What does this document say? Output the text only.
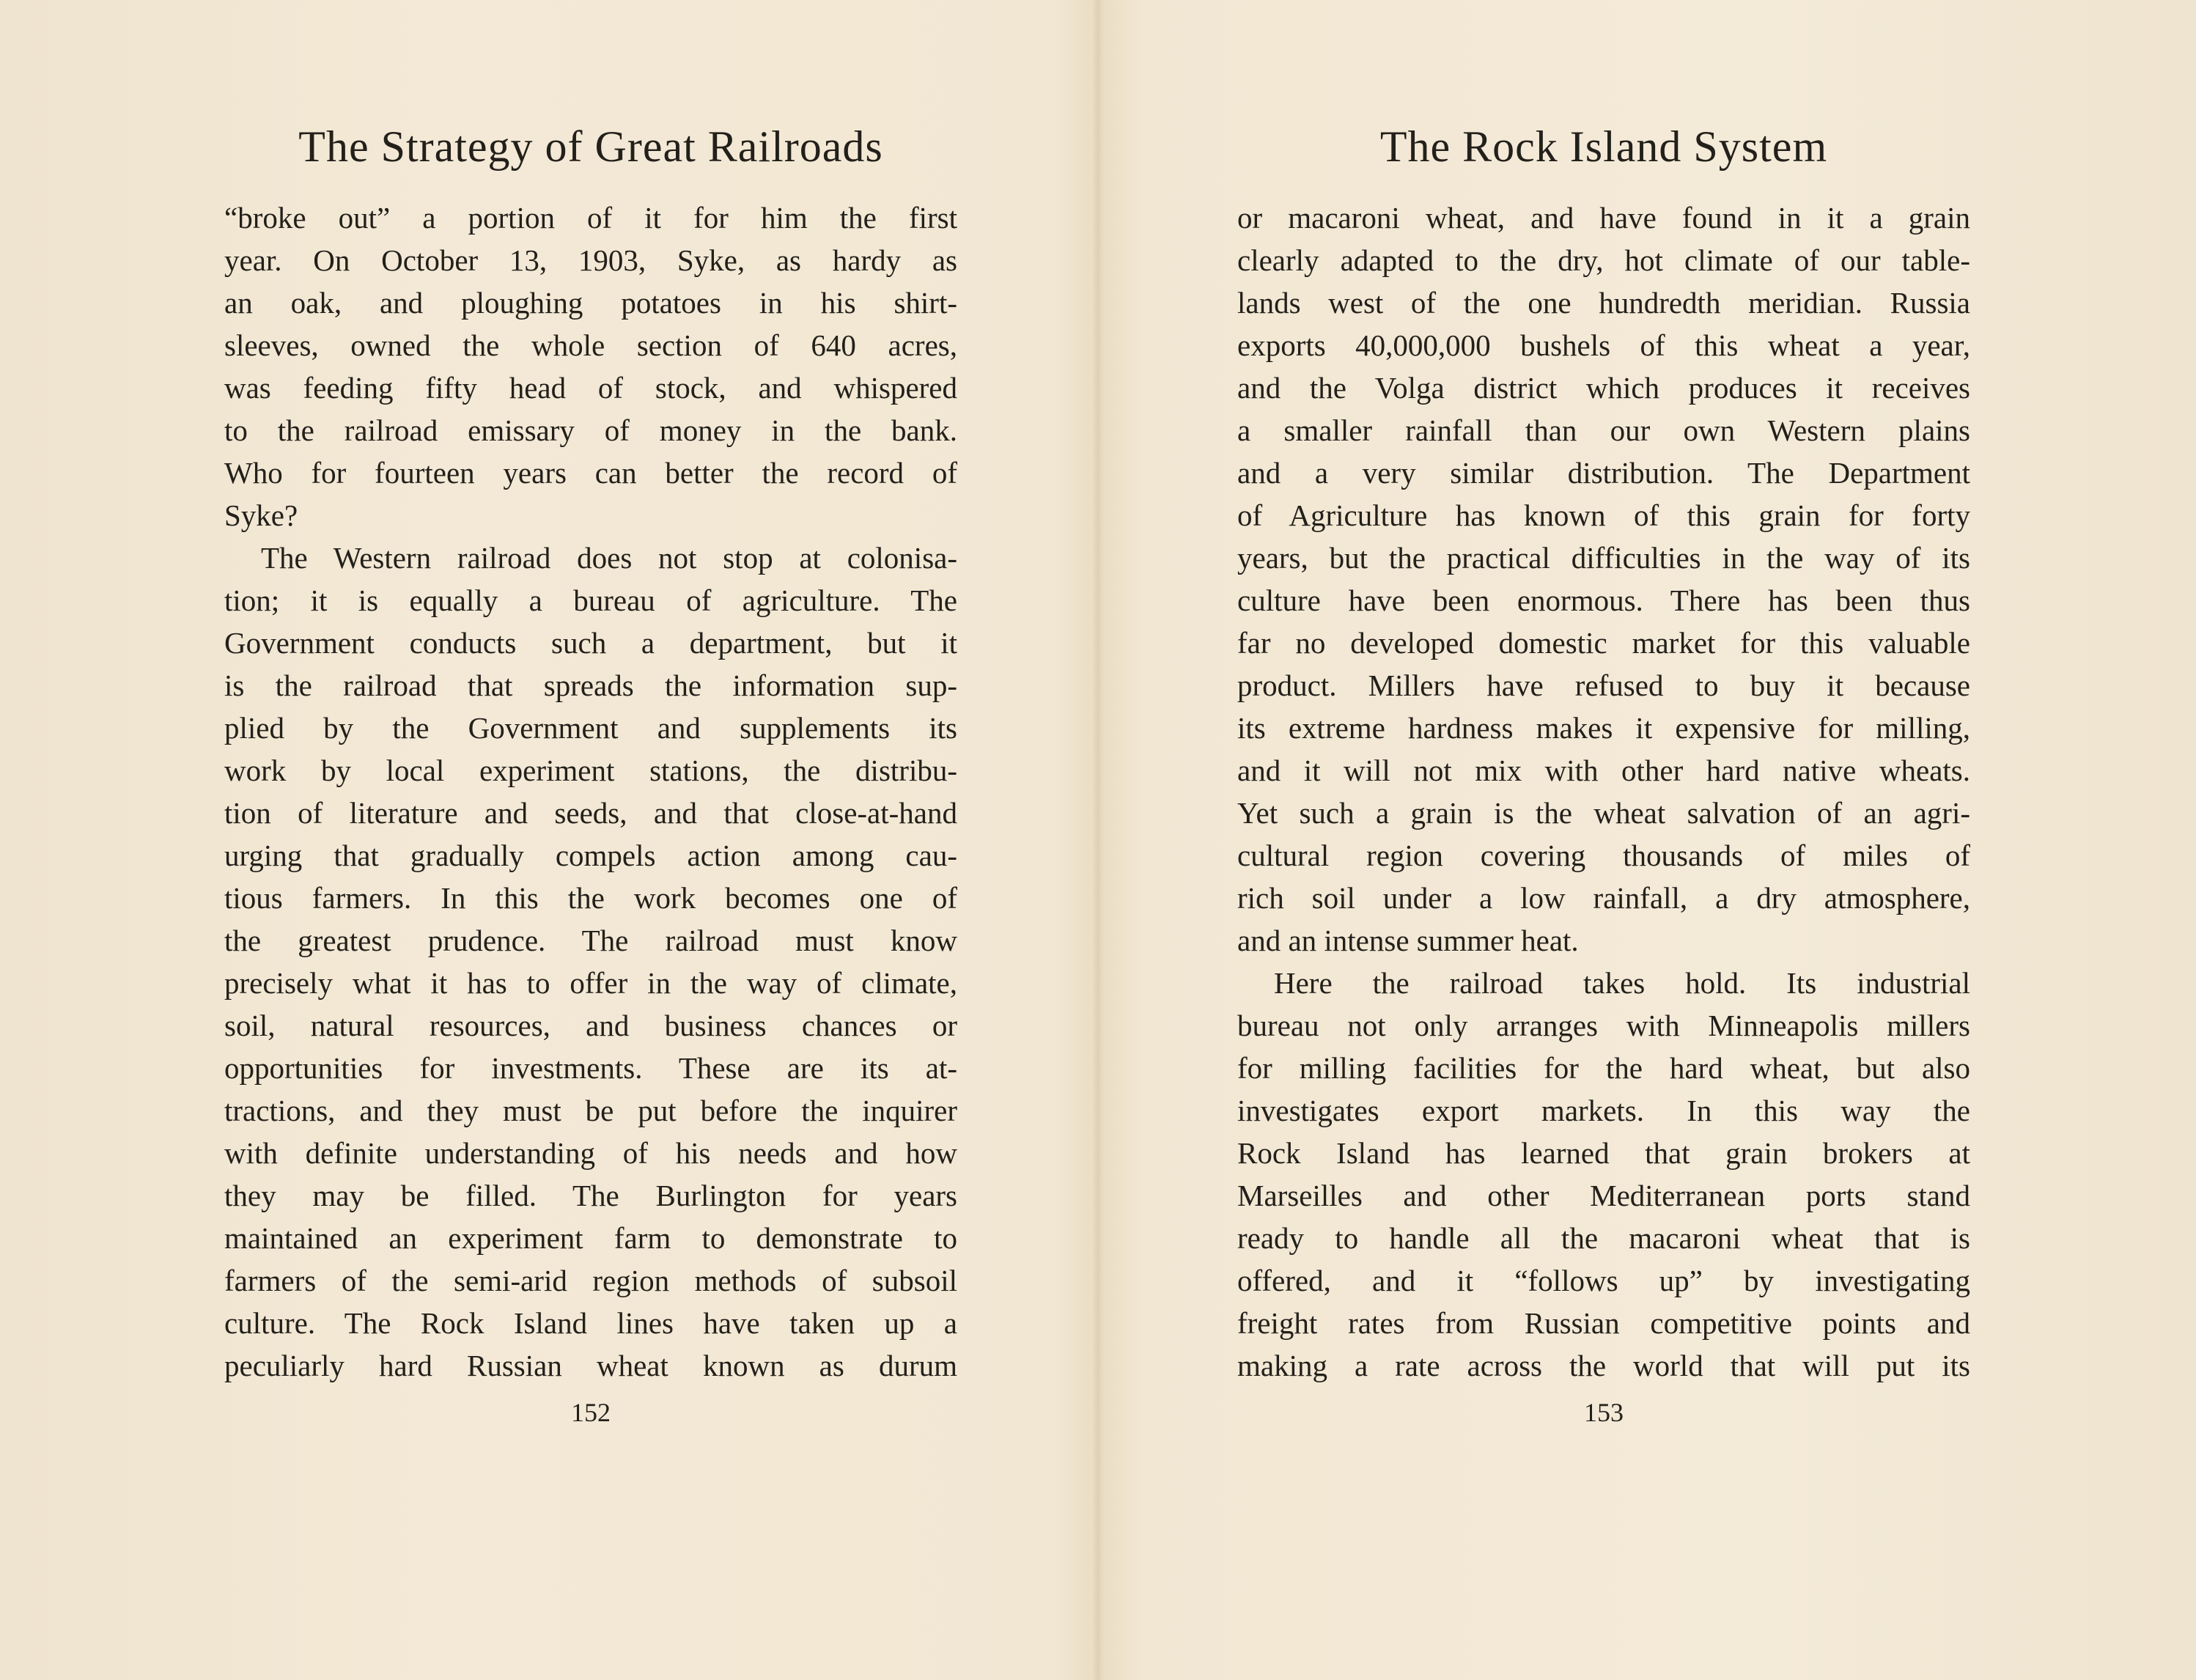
The Strategy of Great Railroads
“broke out” a portion of it for him the first
year. On October 13, 1903, Syke, as hardy as
an oak, and ploughing potatoes in his shirt-
sleeves, owned the whole section of 640 acres,
was feeding fifty head of stock, and whispered
to the railroad emissary of money in the bank.
Who for fourteen years can better the record of
Syke?
The Western railroad does not stop at colonisa-
tion; it is equally a bureau of agriculture. The
Government conducts such a department, but it
is the railroad that spreads the information sup-
plied by the Government and supplements its
work by local experiment stations, the distribu-
tion of literature and seeds, and that close-at-hand
urging that gradually compels action among cau-
tious farmers. In this the work becomes one of
the greatest prudence. The railroad must know
precisely what it has to offer in the way of climate,
soil, natural resources, and business chances or
opportunities for investments. These are its at-
tractions, and they must be put before the inquirer
with definite understanding of his needs and how
they may be filled. The Burlington for years
maintained an experiment farm to demonstrate to
farmers of the semi-arid region methods of subsoil
culture. The Rock Island lines have taken up a
peculiarly hard Russian wheat known as durum
152
The Rock Island System
or macaroni wheat, and have found in it a grain
clearly adapted to the dry, hot climate of our table-
lands west of the one hundredth meridian. Russia
exports 40,000,000 bushels of this wheat a year,
and the Volga district which produces it receives
a smaller rainfall than our own Western plains
and a very similar distribution. The Department
of Agriculture has known of this grain for forty
years, but the practical difficulties in the way of its
culture have been enormous. There has been thus
far no developed domestic market for this valuable
product. Millers have refused to buy it because
its extreme hardness makes it expensive for milling,
and it will not mix with other hard native wheats.
Yet such a grain is the wheat salvation of an agri-
cultural region covering thousands of miles of
rich soil under a low rainfall, a dry atmosphere,
and an intense summer heat.
Here the railroad takes hold. Its industrial
bureau not only arranges with Minneapolis millers
for milling facilities for the hard wheat, but also
investigates export markets. In this way the
Rock Island has learned that grain brokers at
Marseilles and other Mediterranean ports stand
ready to handle all the macaroni wheat that is
offered, and it “follows up” by investigating
freight rates from Russian competitive points and
making a rate across the world that will put its
153
